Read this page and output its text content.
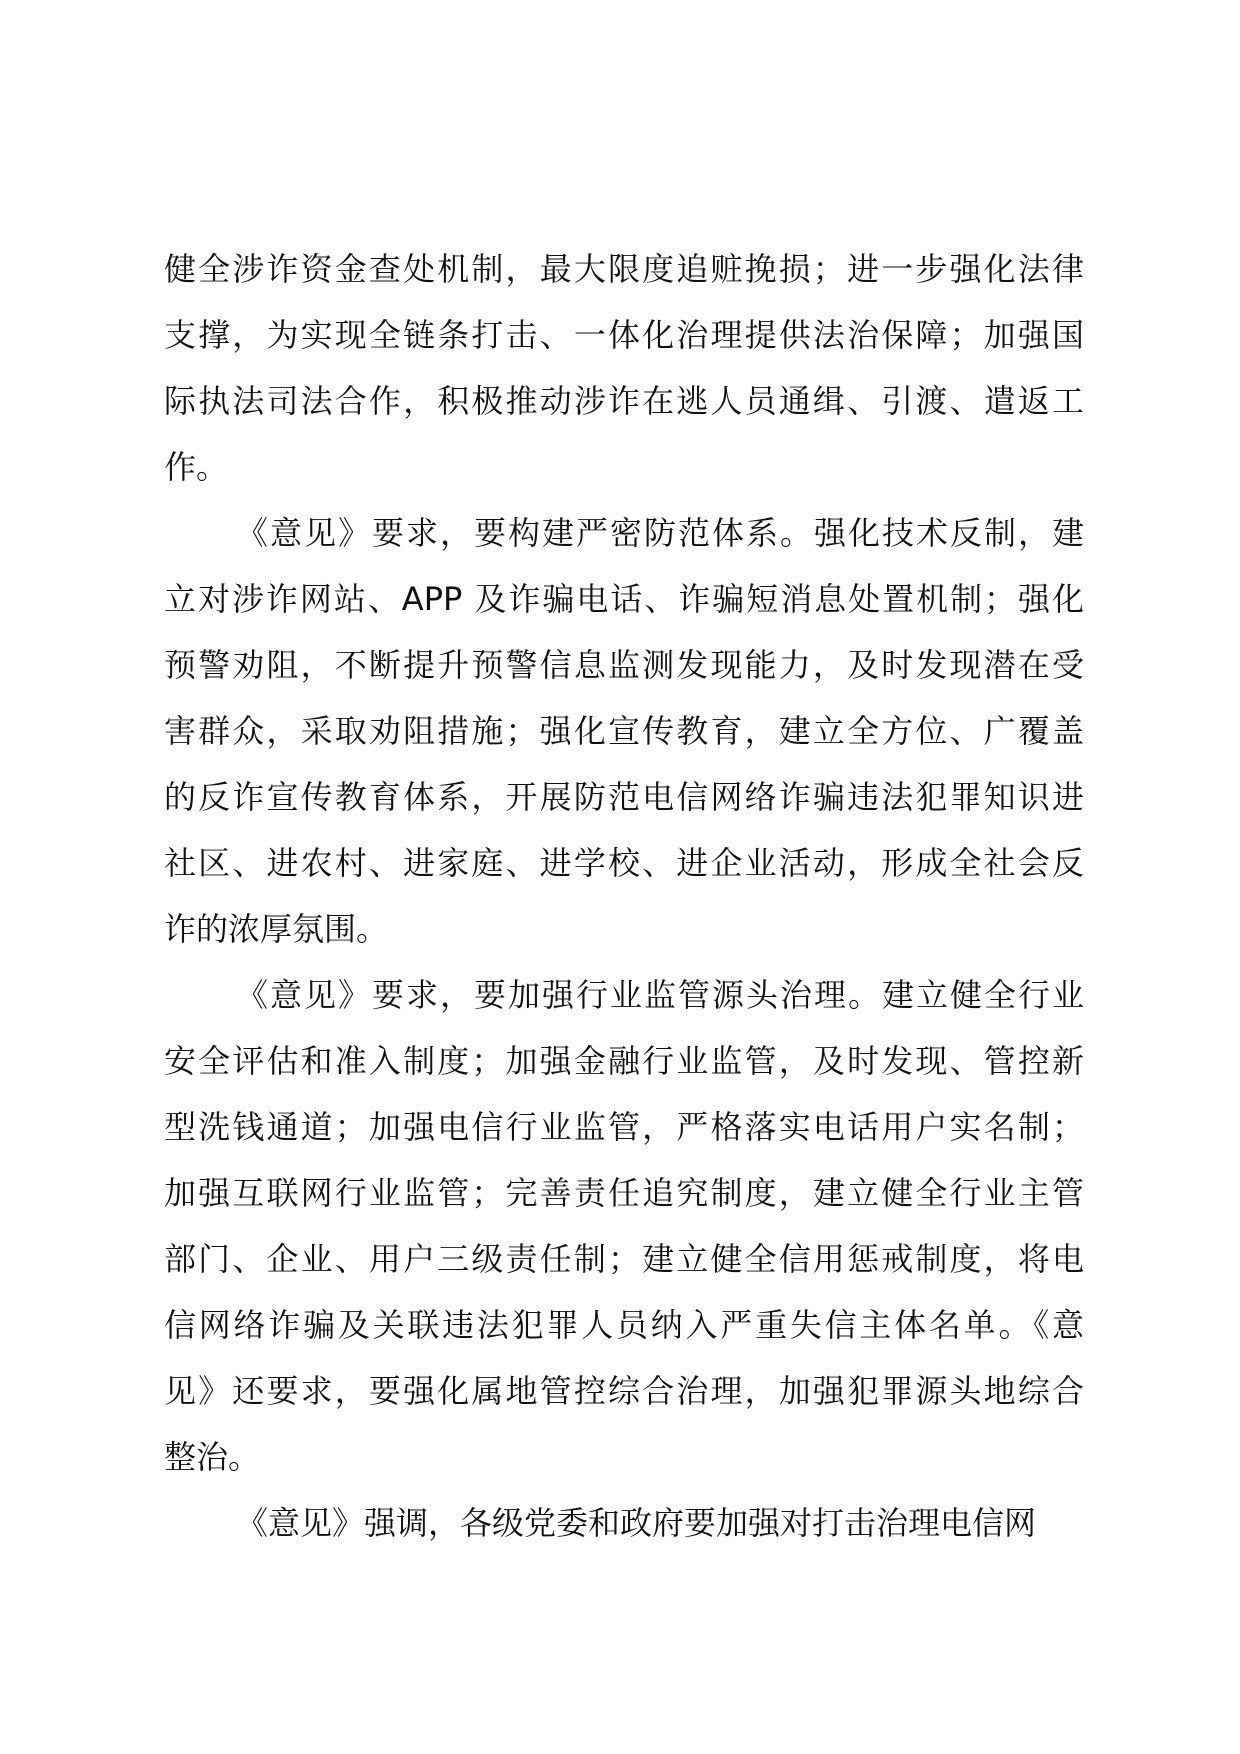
健全涉诈资金查处机制，最大限度追赃挽损；进一步强化法律
支撑，为实现全链条打击、一体化治理提供法治保障；加强国
际执法司法合作，积极推动涉诈在逃人员通缉、引渡、遣返工
作。
《意见》要求，要构建严密防范体系。强化技术反制，建
立对涉诈网站、APP 及诈骗电话、诈骗短消息处置机制；强化
预警劝阻，不断提升预警信息监测发现能力，及时发现潜在受
害群众，采取劝阻措施；强化宣传教育，建立全方位、广覆盖
的反诈宣传教育体系，开展防范电信网络诈骗违法犯罪知识进
社区、进农村、进家庭、进学校、进企业活动，形成全社会反
诈的浓厚氛围。
《意见》要求，要加强行业监管源头治理。建立健全行业
安全评估和准入制度；加强金融行业监管，及时发现、管控新
型洗钱通道；加强电信行业监管，严格落实电话用户实名制；
加强互联网行业监管；完善责任追究制度，建立健全行业主管
部门、企业、用户三级责任制；建立健全信用惩戒制度，将电
信网络诈骗及关联违法犯罪人员纳入严重失信主体名单。《意
见》还要求，要强化属地管控综合治理，加强犯罪源头地综合
整治。
《意见》强调，各级党委和政府要加强对打击治理电信网
